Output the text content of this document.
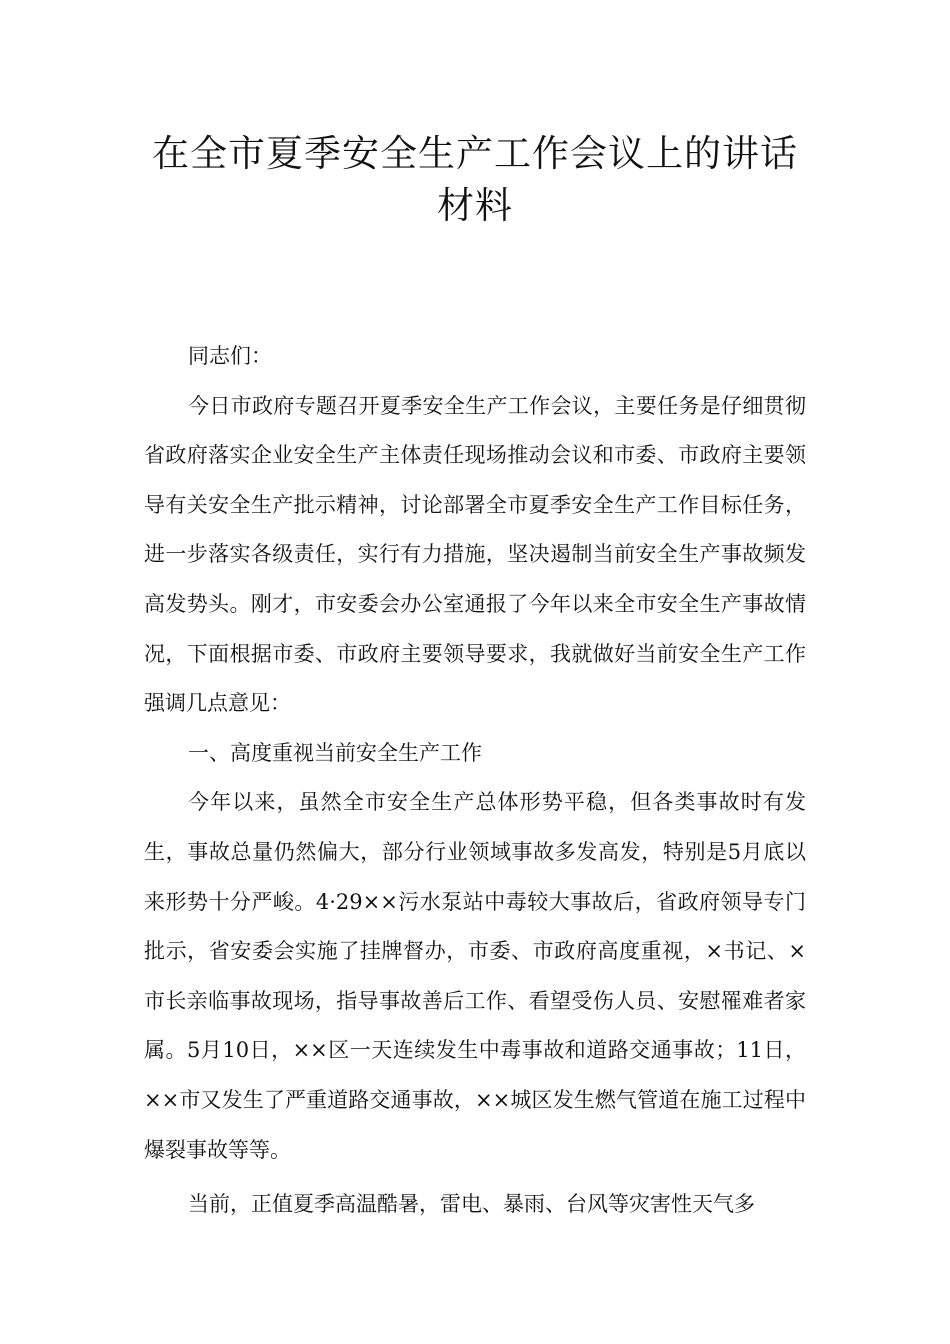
在全市夏季安全生产工作会议上的讲话
材料

同志们：

今日市政府专题召开夏季安全生产工作会议，主要任务是仔细贯彻省政府落实企业安全生产主体责任现场推动会议和市委、市政府主要领导有关安全生产批示精神，讨论部署全市夏季安全生产工作目标任务，进一步落实各级责任，实行有力措施，坚决遏制当前安全生产事故频发高发势头。刚才，市安委会办公室通报了今年以来全市安全生产事故情况，下面根据市委、市政府主要领导要求，我就做好当前安全生产工作强调几点意见：

一、高度重视当前安全生产工作

今年以来，虽然全市安全生产总体形势平稳，但各类事故时有发生，事故总量仍然偏大，部分行业领域事故多发高发，特别是5月底以来形势十分严峻。4·29××污水泵站中毒较大事故后，省政府领导专门批示，省安委会实施了挂牌督办，市委、市政府高度重视，×书记、×市长亲临事故现场，指导事故善后工作、看望受伤人员、安慰罹难者家属。5月10日，××区一天连续发生中毒事故和道路交通事故；11日，××市又发生了严重道路交通事故，××城区发生燃气管道在施工过程中爆裂事故等等。

当前，正值夏季高温酷暑，雷电、暴雨、台风等灾害性天气多
